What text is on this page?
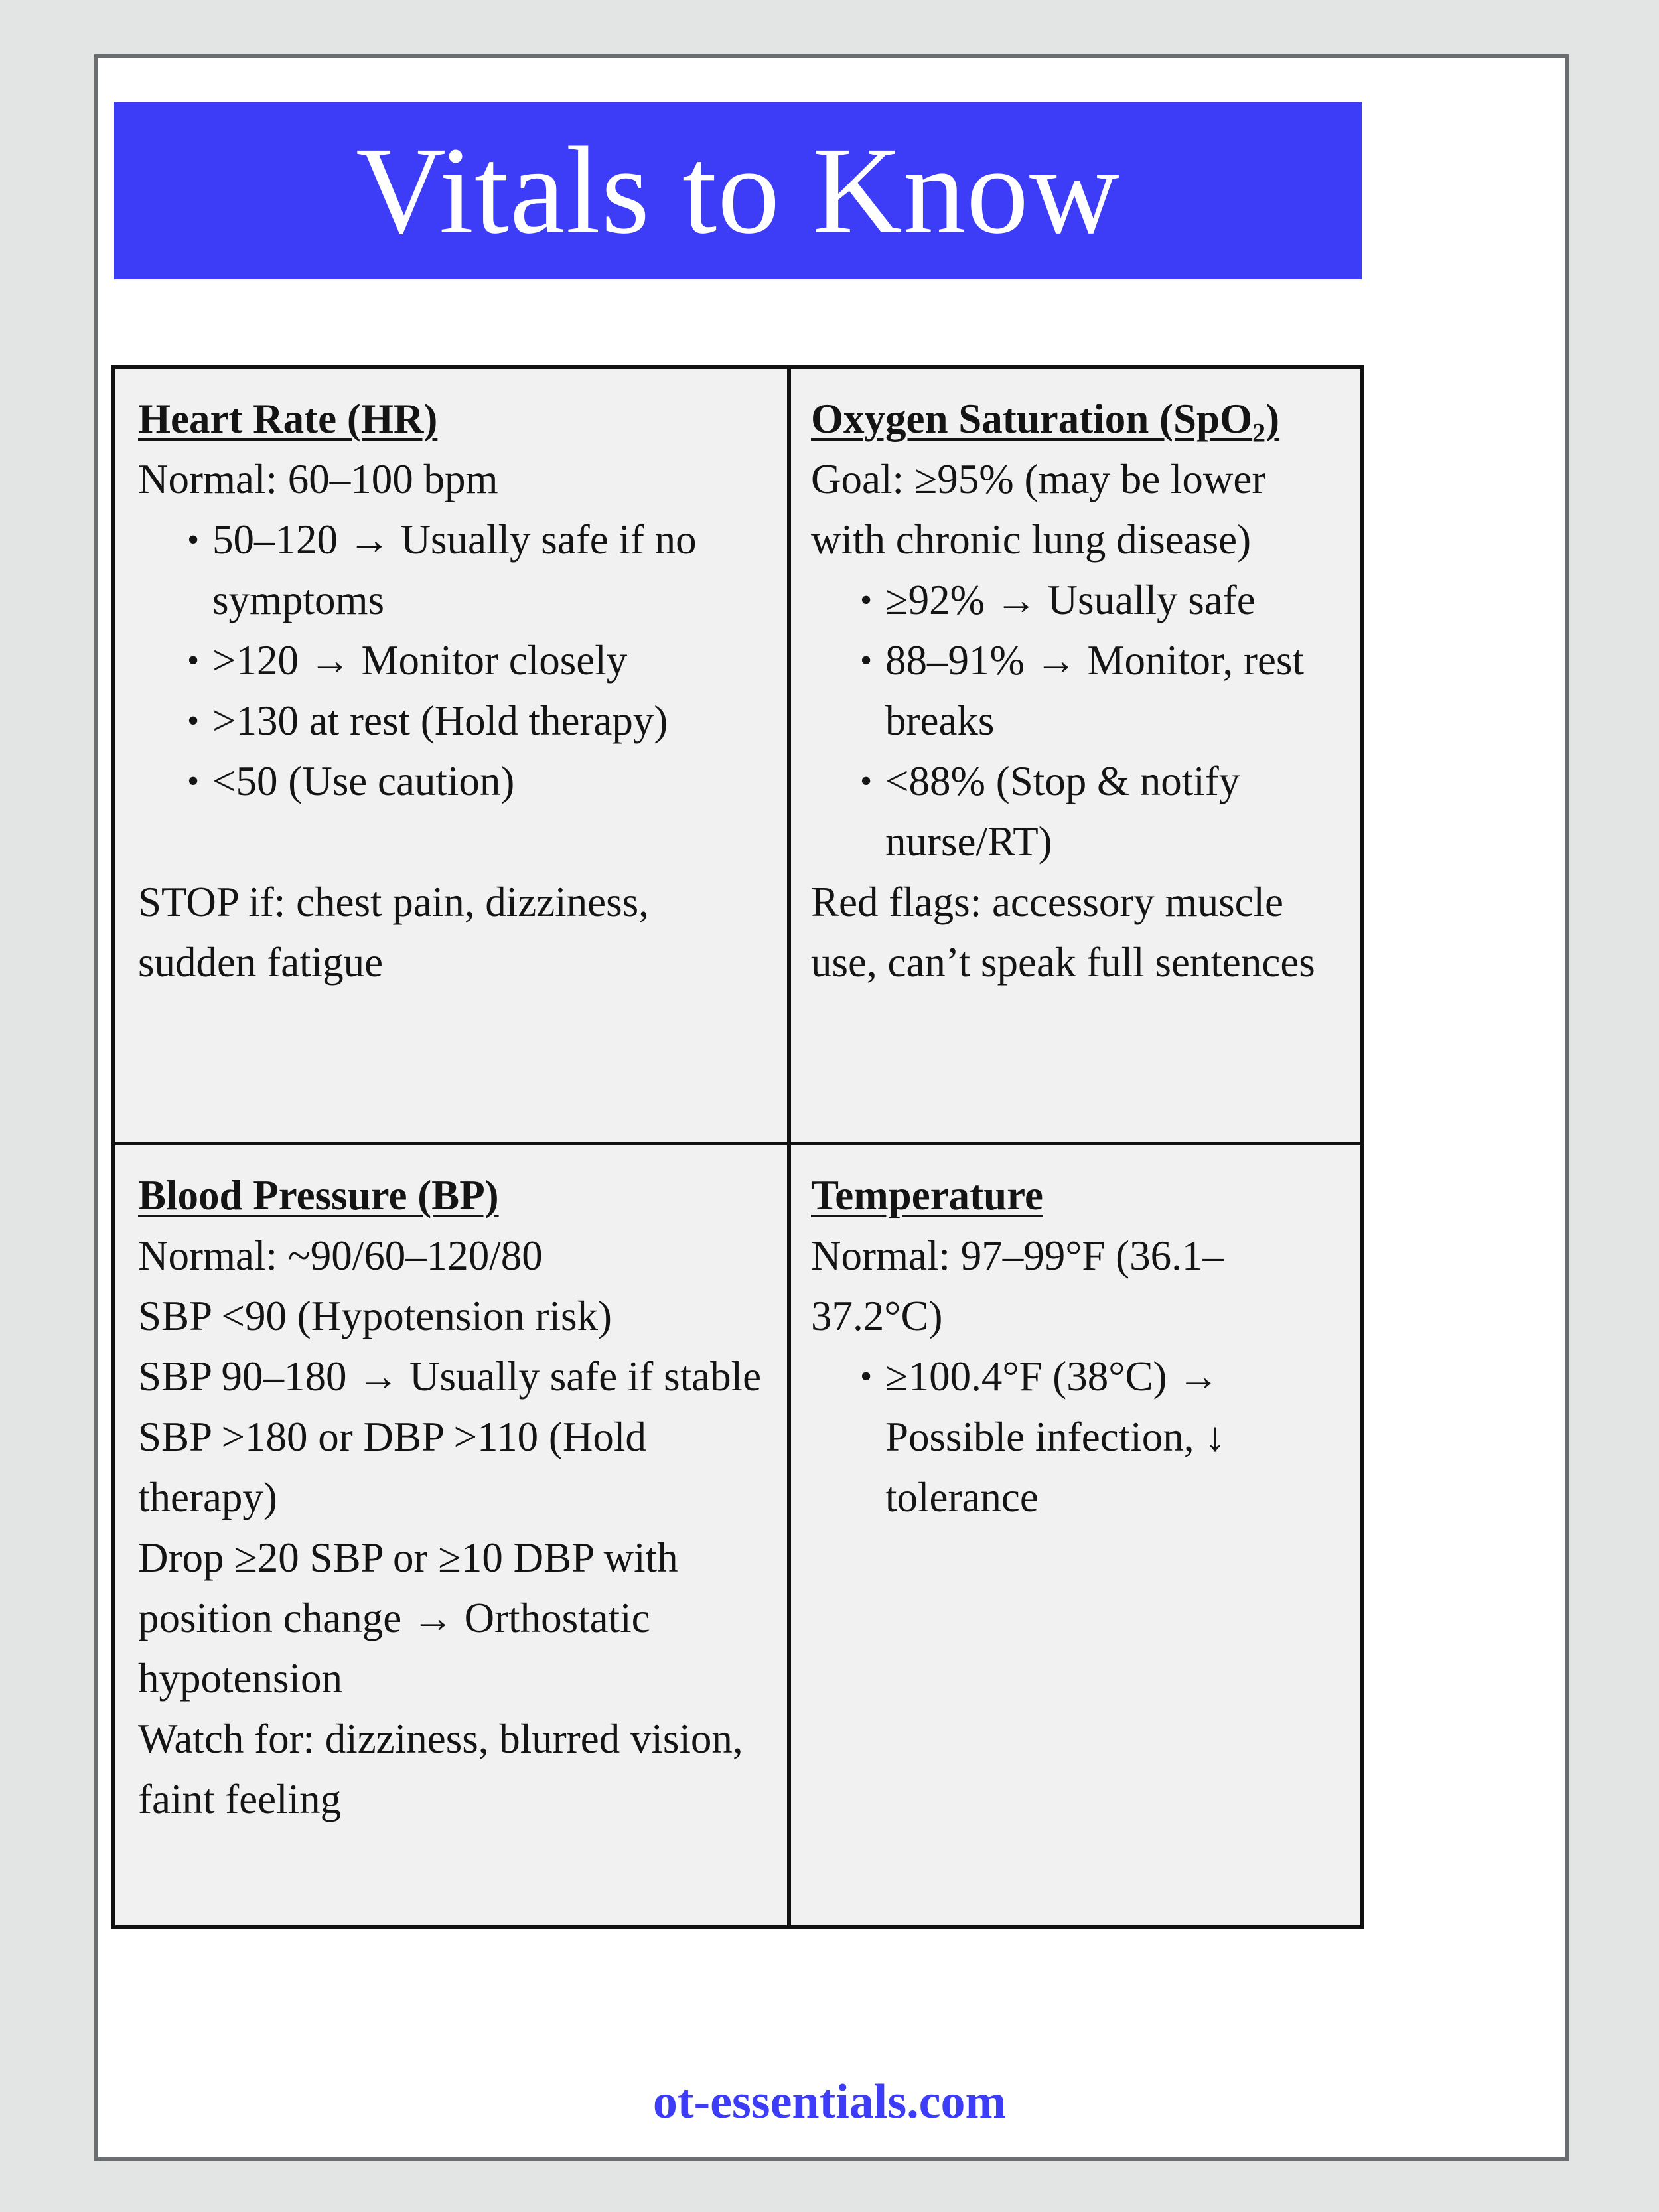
Vitals to Know
Heart Rate (HR)
Normal: 60–100 bpm
• 50–120 → Usually safe if no symptoms
• >120 → Monitor closely
• >130 at rest (Hold therapy)
• <50 (Use caution)
STOP if: chest pain, dizziness, sudden fatigue
Oxygen Saturation (SpO$_2$)
Goal: ≥95% (may be lower with chronic lung disease)
• ≥92% → Usually safe
• 88–91% → Monitor, rest breaks
• <88% (Stop & notify nurse/RT)
Red flags: accessory muscle use, can’t speak full sentences
Blood Pressure (BP)
Normal: ~90/60–120/80
SBP <90 (Hypotension risk)
SBP 90–180 → Usually safe if stable
SBP >180 or DBP >110 (Hold therapy)
Drop ≥20 SBP or ≥10 DBP with position change → Orthostatic hypotension
Watch for: dizziness, blurred vision, faint feeling
Temperature
Normal: 97–99°F (36.1–37.2°C)
• ≥100.4°F (38°C) → Possible infection, ↓ tolerance
ot-essentials.com
